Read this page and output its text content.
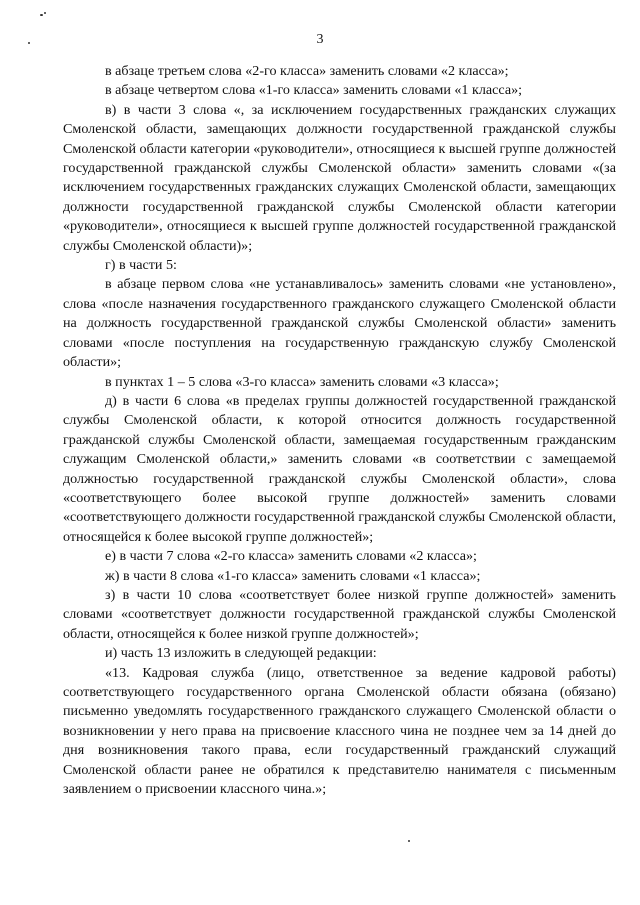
3

в абзаце третьем слова «2-го класса» заменить словами «2 класса»;

в абзаце четвертом слова «1-го класса» заменить словами «1 класса»;

в) в части 3 слова «, за исключением государственных гражданских служащих Смоленской области, замещающих должности государственной гражданской службы Смоленской области категории «руководители», относящиеся к высшей группе должностей государственной гражданской службы Смоленской области» заменить словами «(за исключением государственных гражданских служащих Смоленской области, замещающих должности государственной гражданской службы Смоленской области категории «руководители», относящиеся к высшей группе должностей государственной гражданской службы Смоленской области)»;

г) в части 5:

в абзаце первом слова «не устанавливалось» заменить словами «не установлено», слова «после назначения государственного гражданского служащего Смоленской области на должность государственной гражданской службы Смоленской области» заменить словами «после поступления на государственную гражданскую службу Смоленской области»;

в пунктах 1 – 5 слова «3-го класса» заменить словами «3 класса»;

д) в части 6 слова «в пределах группы должностей государственной гражданской службы Смоленской области, к которой относится должность государственной гражданской службы Смоленской области, замещаемая государственным гражданским служащим Смоленской области,» заменить словами «в соответствии с замещаемой должностью государственной гражданской службы Смоленской области», слова «соответствующего более высокой группе должностей» заменить словами «соответствующего должности государственной гражданской службы Смоленской области, относящейся к более высокой группе должностей»;

е) в части 7 слова «2-го класса» заменить словами «2 класса»;

ж) в части 8 слова «1-го класса» заменить словами «1 класса»;

з) в части 10 слова «соответствует более низкой группе должностей» заменить словами «соответствует должности государственной гражданской службы Смоленской области, относящейся к более низкой группе должностей»;

и) часть 13 изложить в следующей редакции:

«13. Кадровая служба (лицо, ответственное за ведение кадровой работы) соответствующего государственного органа Смоленской области обязана (обязано) письменно уведомлять государственного гражданского служащего Смоленской области о возникновении у него права на присвоение классного чина не позднее чем за 14 дней до дня возникновения такого права, если государственный гражданский служащий Смоленской области ранее не обратился к представителю нанимателя с письменным заявлением о присвоении классного чина.»;
